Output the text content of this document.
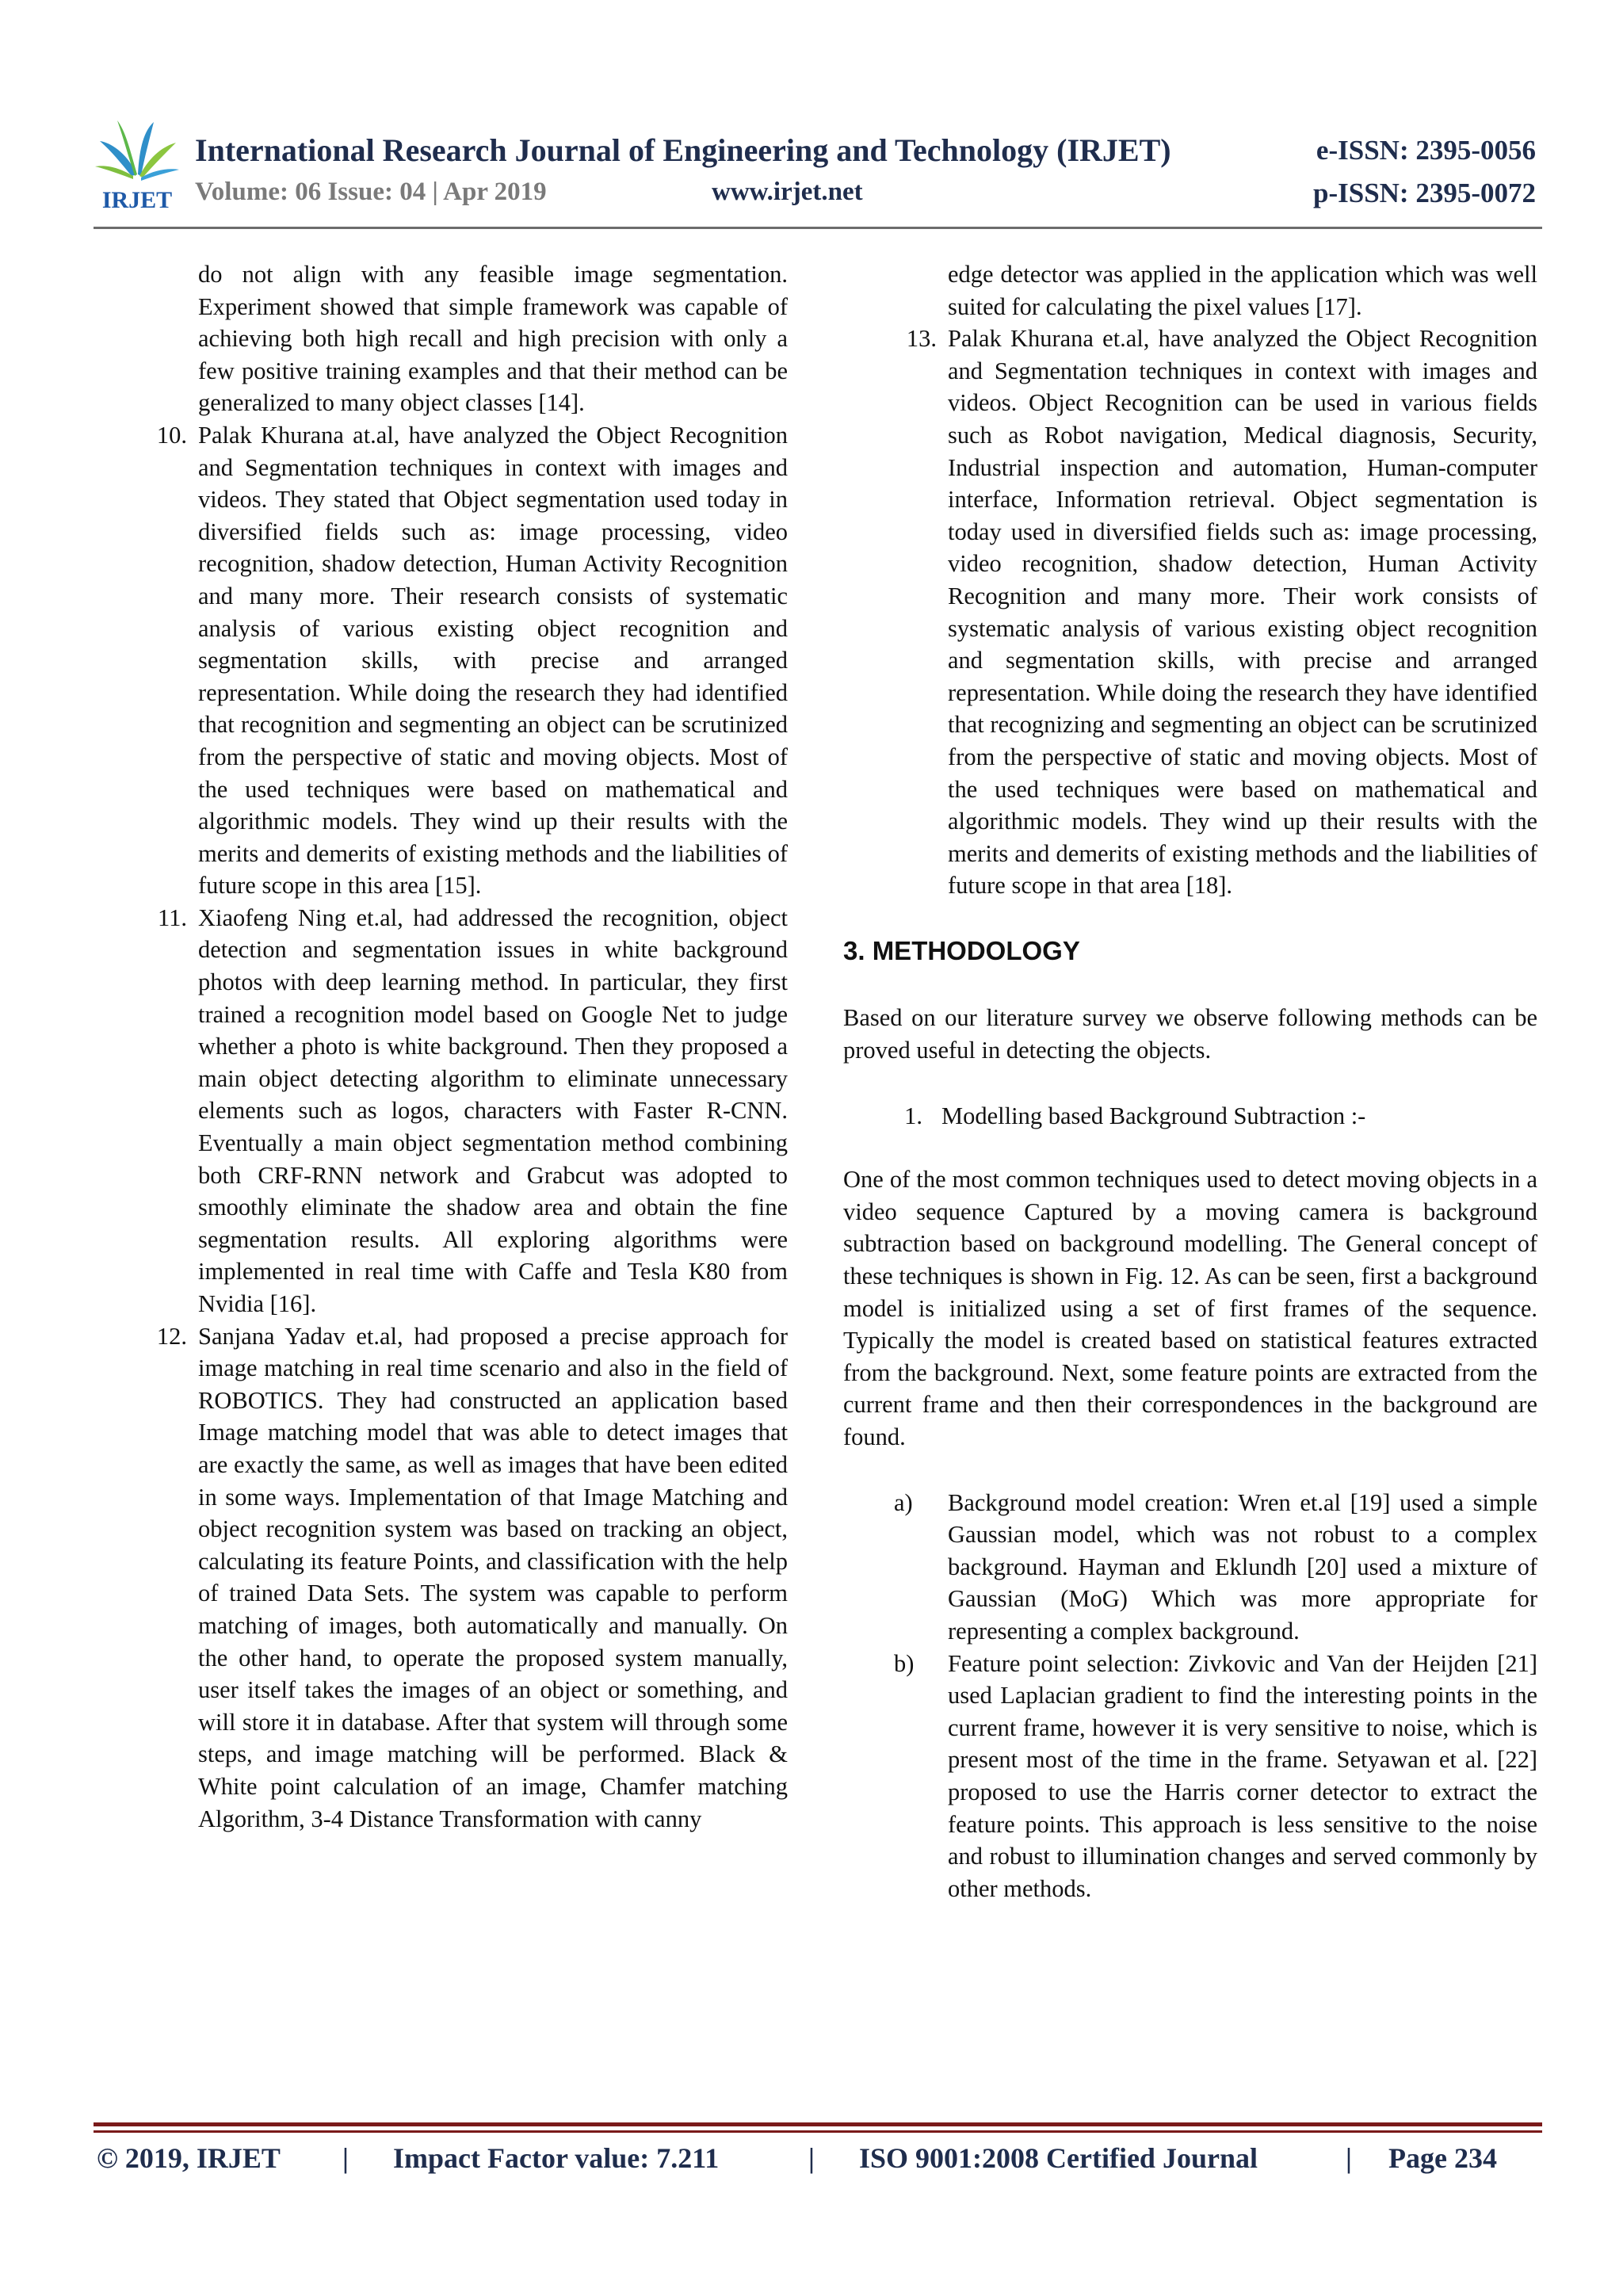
IRJET
International Research Journal of Engineering and Technology (IRJET)	e-ISSN: 2395-0056
Volume: 06 Issue: 04 | Apr 2019	www.irjet.net	p-ISSN: 2395-0072
do not align with any feasible image segmentation. Experiment showed that simple framework was capable of achieving both high recall and high precision with only a few positive training examples and that their method can be generalized to many object classes [14].
10. Palak Khurana at.al, have analyzed the Object Recognition and Segmentation techniques in context with images and videos. They stated that Object segmentation used today in diversified fields such as: image processing, video recognition, shadow detection, Human Activity Recognition and many more. Their research consists of systematic analysis of various existing object recognition and segmentation skills, with precise and arranged representation. While doing the research they had identified that recognition and segmenting an object can be scrutinized from the perspective of static and moving objects. Most of the used techniques were based on mathematical and algorithmic models. They wind up their results with the merits and demerits of existing methods and the liabilities of future scope in this area [15].
11. Xiaofeng Ning et.al, had addressed the recognition, object detection and segmentation issues in white background photos with deep learning method. In particular, they first trained a recognition model based on Google Net to judge whether a photo is white background. Then they proposed a main object detecting algorithm to eliminate unnecessary elements such as logos, characters with Faster R-CNN. Eventually a main object segmentation method combining both CRF-RNN network and Grabcut was adopted to smoothly eliminate the shadow area and obtain the fine segmentation results. All exploring algorithms were implemented in real time with Caffe and Tesla K80 from Nvidia [16].
12. Sanjana Yadav et.al, had proposed a precise approach for image matching in real time scenario and also in the field of ROBOTICS. They had constructed an application based Image matching model that was able to detect images that are exactly the same, as well as images that have been edited in some ways. Implementation of that Image Matching and object recognition system was based on tracking an object, calculating its feature Points, and classification with the help of trained Data Sets. The system was capable to perform matching of images, both automatically and manually. On the other hand, to operate the proposed system manually, user itself takes the images of an object or something, and will store it in database. After that system will through some steps, and image matching will be performed. Black & White point calculation of an image, Chamfer matching Algorithm, 3-4 Distance Transformation with canny
edge detector was applied in the application which was well suited for calculating the pixel values [17].
13. Palak Khurana et.al, have analyzed the Object Recognition and Segmentation techniques in context with images and videos. Object Recognition can be used in various fields such as Robot navigation, Medical diagnosis, Security, Industrial inspection and automation, Human-computer interface, Information retrieval. Object segmentation is today used in diversified fields such as: image processing, video recognition, shadow detection, Human Activity Recognition and many more. Their work consists of systematic analysis of various existing object recognition and segmentation skills, with precise and arranged representation. While doing the research they have identified that recognizing and segmenting an object can be scrutinized from the perspective of static and moving objects. Most of the used techniques were based on mathematical and algorithmic models. They wind up their results with the merits and demerits of existing methods and the liabilities of future scope in that area [18].
3. METHODOLOGY

Based on our literature survey we observe following methods can be proved useful in detecting the objects.

1. Modelling based Background Subtraction :-

One of the most common techniques used to detect moving objects in a video sequence Captured by a moving camera is background subtraction based on background modelling. The General concept of these techniques is shown in Fig. 12. As can be seen, first a background model is initialized using a set of first frames of the sequence. Typically the model is created based on statistical features extracted from the background. Next, some feature points are extracted from the current frame and then their correspondences in the background are found.

a)	Background model creation: Wren et.al [19] used a simple Gaussian model, which was not robust to a complex background. Hayman and Eklundh [20] used a mixture of Gaussian (MoG) Which was more appropriate for representing a complex background.
b)	Feature point selection: Zivkovic and Van der Heijden [21] used Laplacian gradient to find the interesting points in the current frame, however it is very sensitive to noise, which is present most of the time in the frame. Setyawan et al. [22] proposed to use the Harris corner detector to extract the feature points. This approach is less sensitive to the noise and robust to illumination changes and served commonly by other methods.
© 2019, IRJET | Impact Factor value: 7.211	| ISO 9001:2008 Certified Journal	| Page 234
